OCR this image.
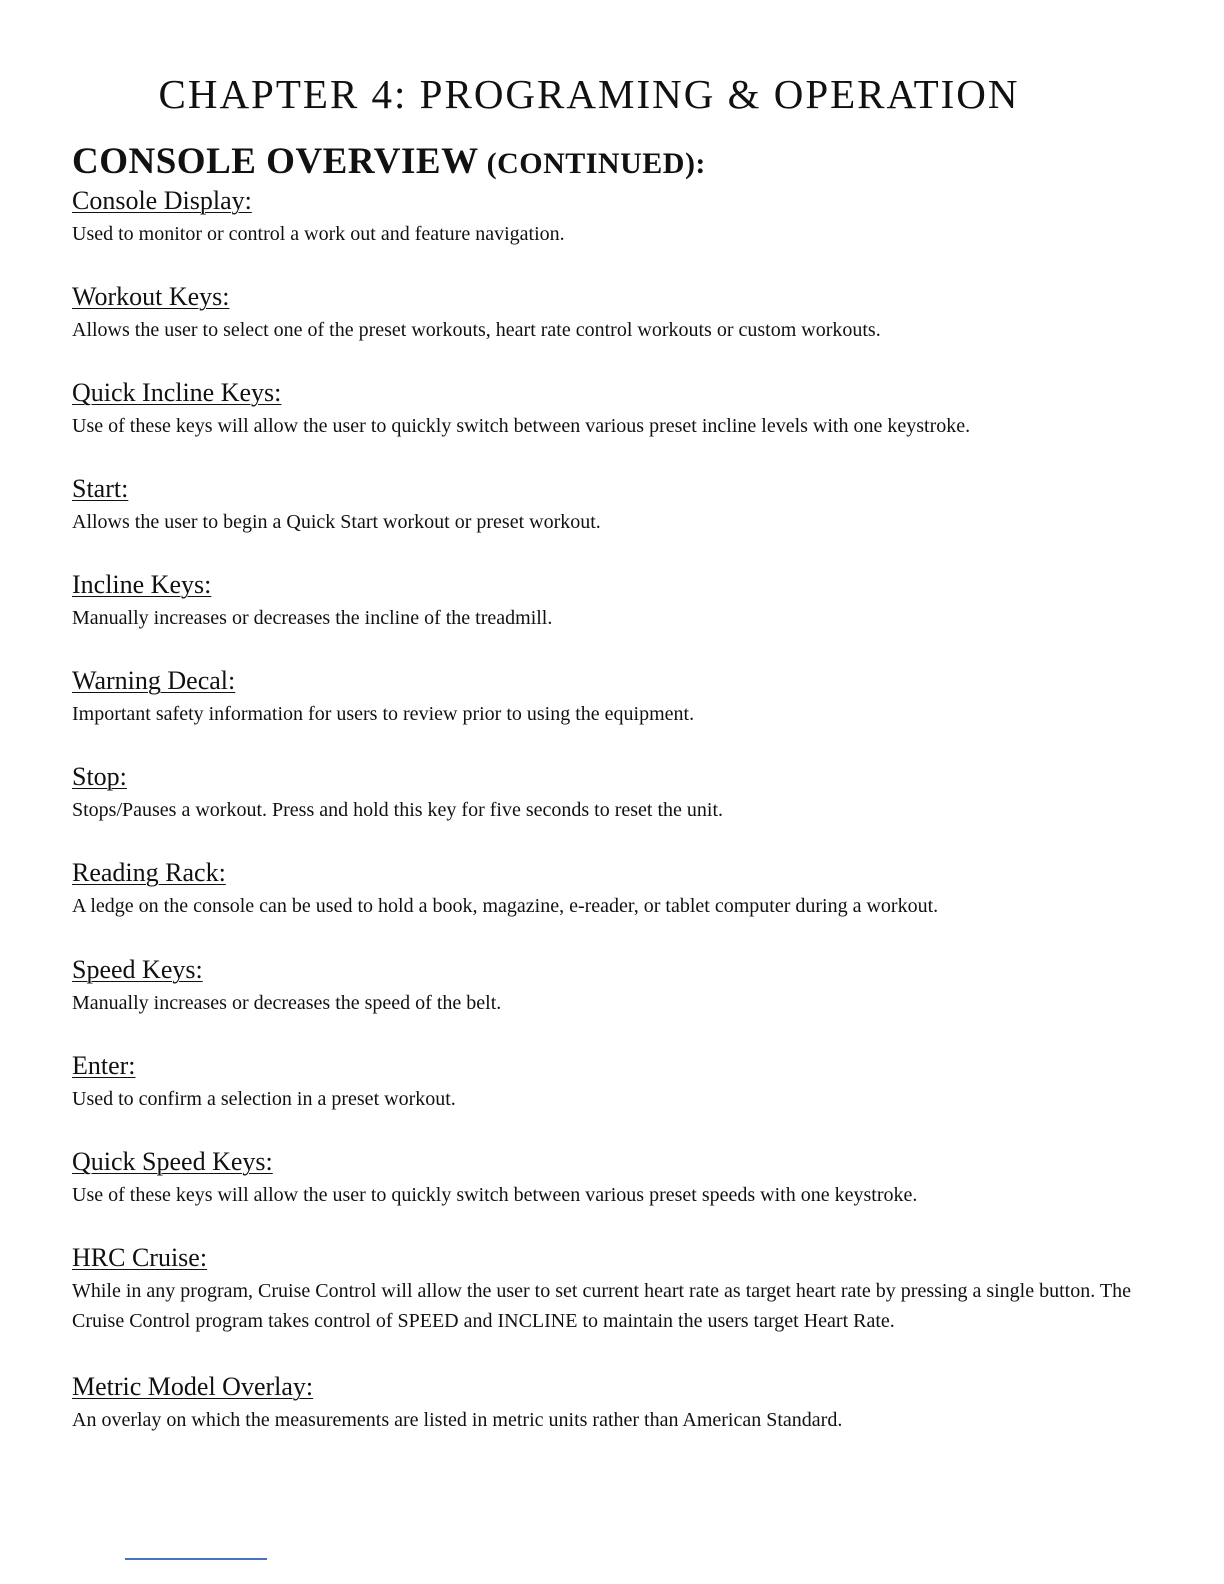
CHAPTER 4: PROGRAMING & OPERATION
CONSOLE OVERVIEW (CONTINUED):
Console Display:

Used to monitor or control a work out and feature navigation.

Workout Keys:

Allows the user to select one of the preset workouts, heart rate control workouts or custom workouts.

Quick Incline Keys:

Use of these keys will allow the user to quickly switch between various preset incline levels with one keystroke.

Start:

Allows the user to begin a Quick Start workout or preset workout.

Incline Keys:

Manually increases or decreases the incline of the treadmill.

Warning Decal:

Important safety information for users to review prior to using the equipment.

Stop:

Stops/Pauses a workout. Press and hold this key for five seconds to reset the unit.

Reading Rack:

A ledge on the console can be used to hold a book, magazine, e-reader, or tablet computer during a workout.

Speed Keys:

Manually increases or decreases the speed of the belt.

Enter:

Used to confirm a selection in a preset workout.

Quick Speed Keys:

Use of these keys will allow the user to quickly switch between various preset speeds with one keystroke.

HRC Cruise:

While in any program, Cruise Control will allow the user to set current heart rate as target heart rate by pressing a single button. The Cruise Control program takes control of SPEED and INCLINE to maintain the users target Heart Rate.

Metric Model Overlay:

An overlay on which the measurements are listed in metric units rather than American Standard.
